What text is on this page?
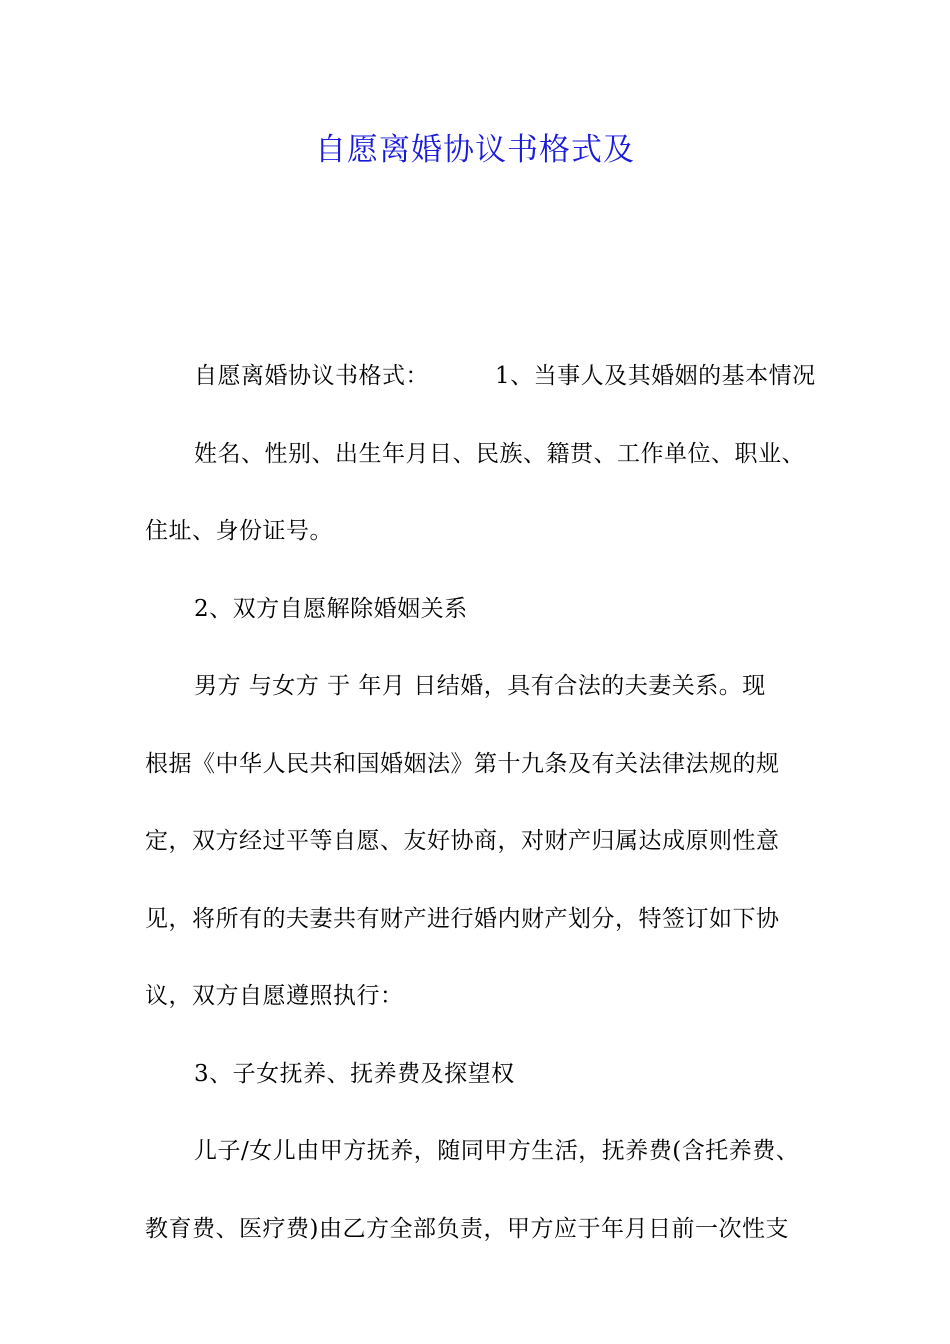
自愿离婚协议书格式及
自愿离婚协议书格式：	1、当事人及其婚姻的基本情况
姓名、性别、出生年月日、民族、籍贯、工作单位、职业、
住址、身份证号。
2、双方自愿解除婚姻关系
男方 与女方 于 年月 日结婚，具有合法的夫妻关系。现
根据《中华人民共和国婚姻法》第十九条及有关法律法规的规
定，双方经过平等自愿、友好协商，对财产归属达成原则性意
见，将所有的夫妻共有财产进行婚内财产划分，特签订如下协
议，双方自愿遵照执行：
3、子女抚养、抚养费及探望权
儿子/女儿由甲方抚养，随同甲方生活，抚养费(含托养费、
教育费、医疗费)由乙方全部负责，甲方应于年月日前一次性支
